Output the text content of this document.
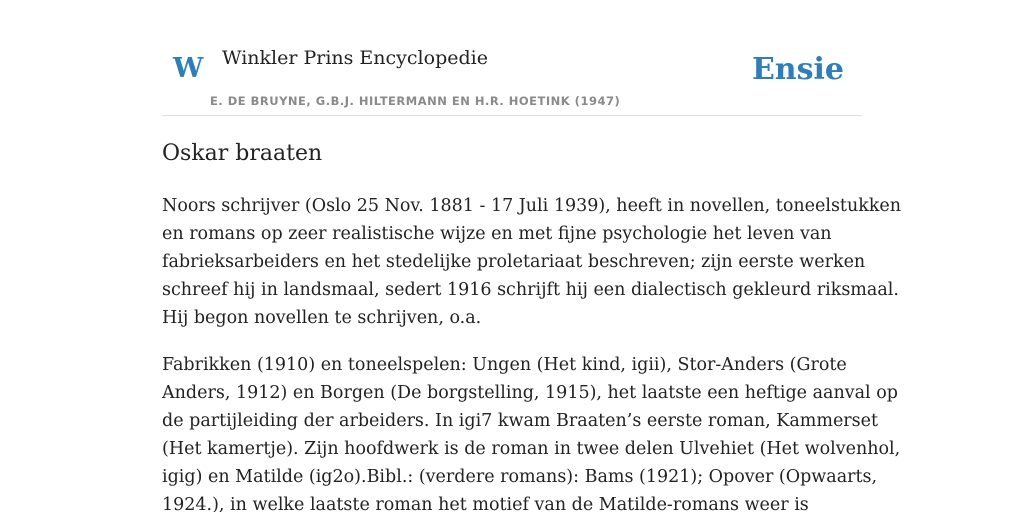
W Winkler Prins Encyclopedie
E. DE BRUYNE, G.B.J. HILTERMANN EN H.R. HOETINK (1947)
Ensie
Oskar braaten

Noors schrijver (Oslo 25 Nov. 1881 - 17 Juli 1939), heeft in novellen, toneelstukken
en romans op zeer realistische wijze en met fijne psychologie het leven van
fabrieksarbeiders en het stedelijke proletariaat beschreven; zijn eerste werken
schreef hij in landsmaal, sedert 1916 schrijft hij een dialectisch gekleurd riksmaal.
Hij begon novellen te schrijven, o.a.

Fabrikken (1910) en toneelspelen: Ungen (Het kind, igii), Stor-Anders (Grote
Anders, 1912) en Borgen (De borgstelling, 1915), het laatste een heftige aanval op
de partijleiding der arbeiders. In igi7 kwam Braaten’s eerste roman, Kammerset
(Het kamertje). Zijn hoofdwerk is de roman in twee delen Ulvehiet (Het wolvenhol,
igig) en Matilde (ig2o).Bibl.: (verdere romans): Bams (1921); Opover (Opwaarts,
1924.), in welke laatste roman het motief van de Matilde-romans weer is
